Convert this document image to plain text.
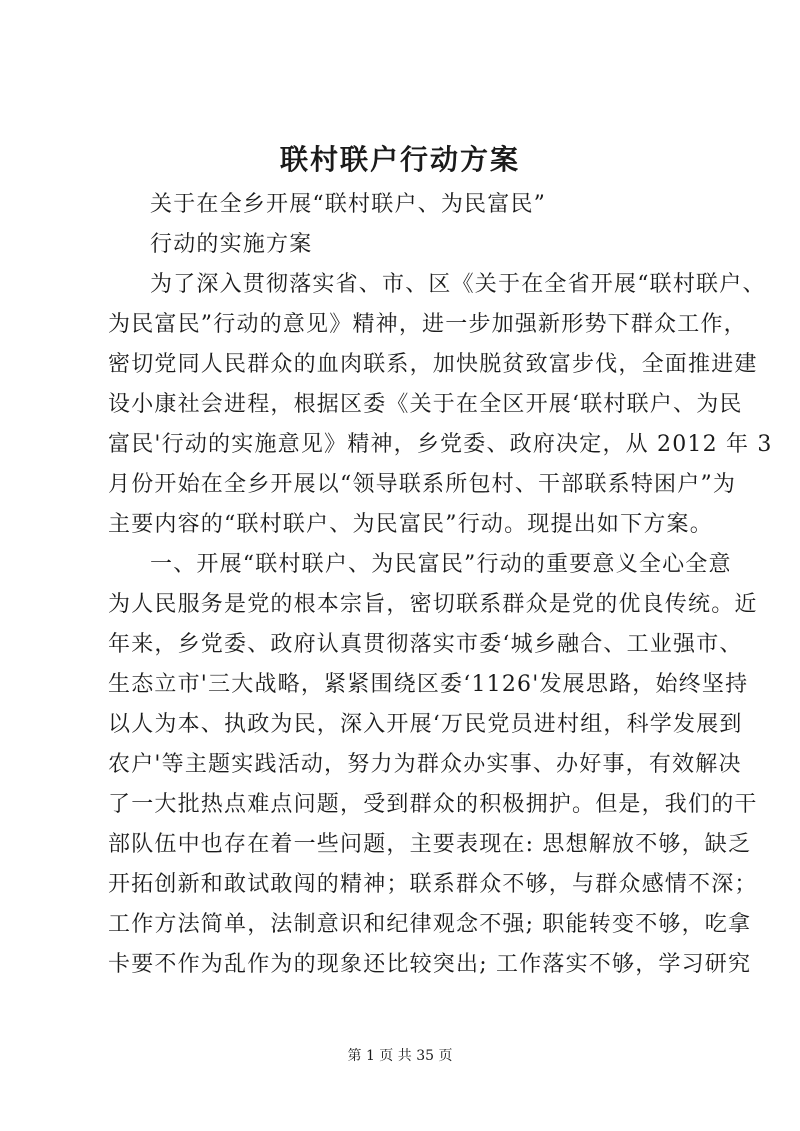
联村联户行动方案
关于在全乡开展“联村联户、为民富民”
行动的实施方案
为了深入贯彻落实省、市、区《关于在全省开展“联村联户、
为民富民”行动的意见》精神，进一步加强新形势下群众工作，
密切党同人民群众的血肉联系，加快脱贫致富步伐，全面推进建
设小康社会进程，根据区委《关于在全区开展‘联村联户、为民
富民'行动的实施意见》精神，乡党委、政府决定，从 2012 年 3
月份开始在全乡开展以“领导联系所包村、干部联系特困户”为
主要内容的“联村联户、为民富民”行动。现提出如下方案。
一、开展“联村联户、为民富民”行动的重要意义全心全意
为人民服务是党的根本宗旨，密切联系群众是党的优良传统。近
年来，乡党委、政府认真贯彻落实市委‘城乡融合、工业强市、
生态立市'三大战略，紧紧围绕区委‘1126'发展思路，始终坚持
以人为本、执政为民，深入开展‘万民党员进村组，科学发展到
农户'等主题实践活动，努力为群众办实事、办好事，有效解决
了一大批热点难点问题，受到群众的积极拥护。但是，我们的干
部队伍中也存在着一些问题，主要表现在: 思想解放不够，缺乏
开拓创新和敢试敢闯的精神；联系群众不够，与群众感情不深；
工作方法简单，法制意识和纪律观念不强; 职能转变不够，吃拿
卡要不作为乱作为的现象还比较突出; 工作落实不够，学习研究
第 1 页 共 35 页
